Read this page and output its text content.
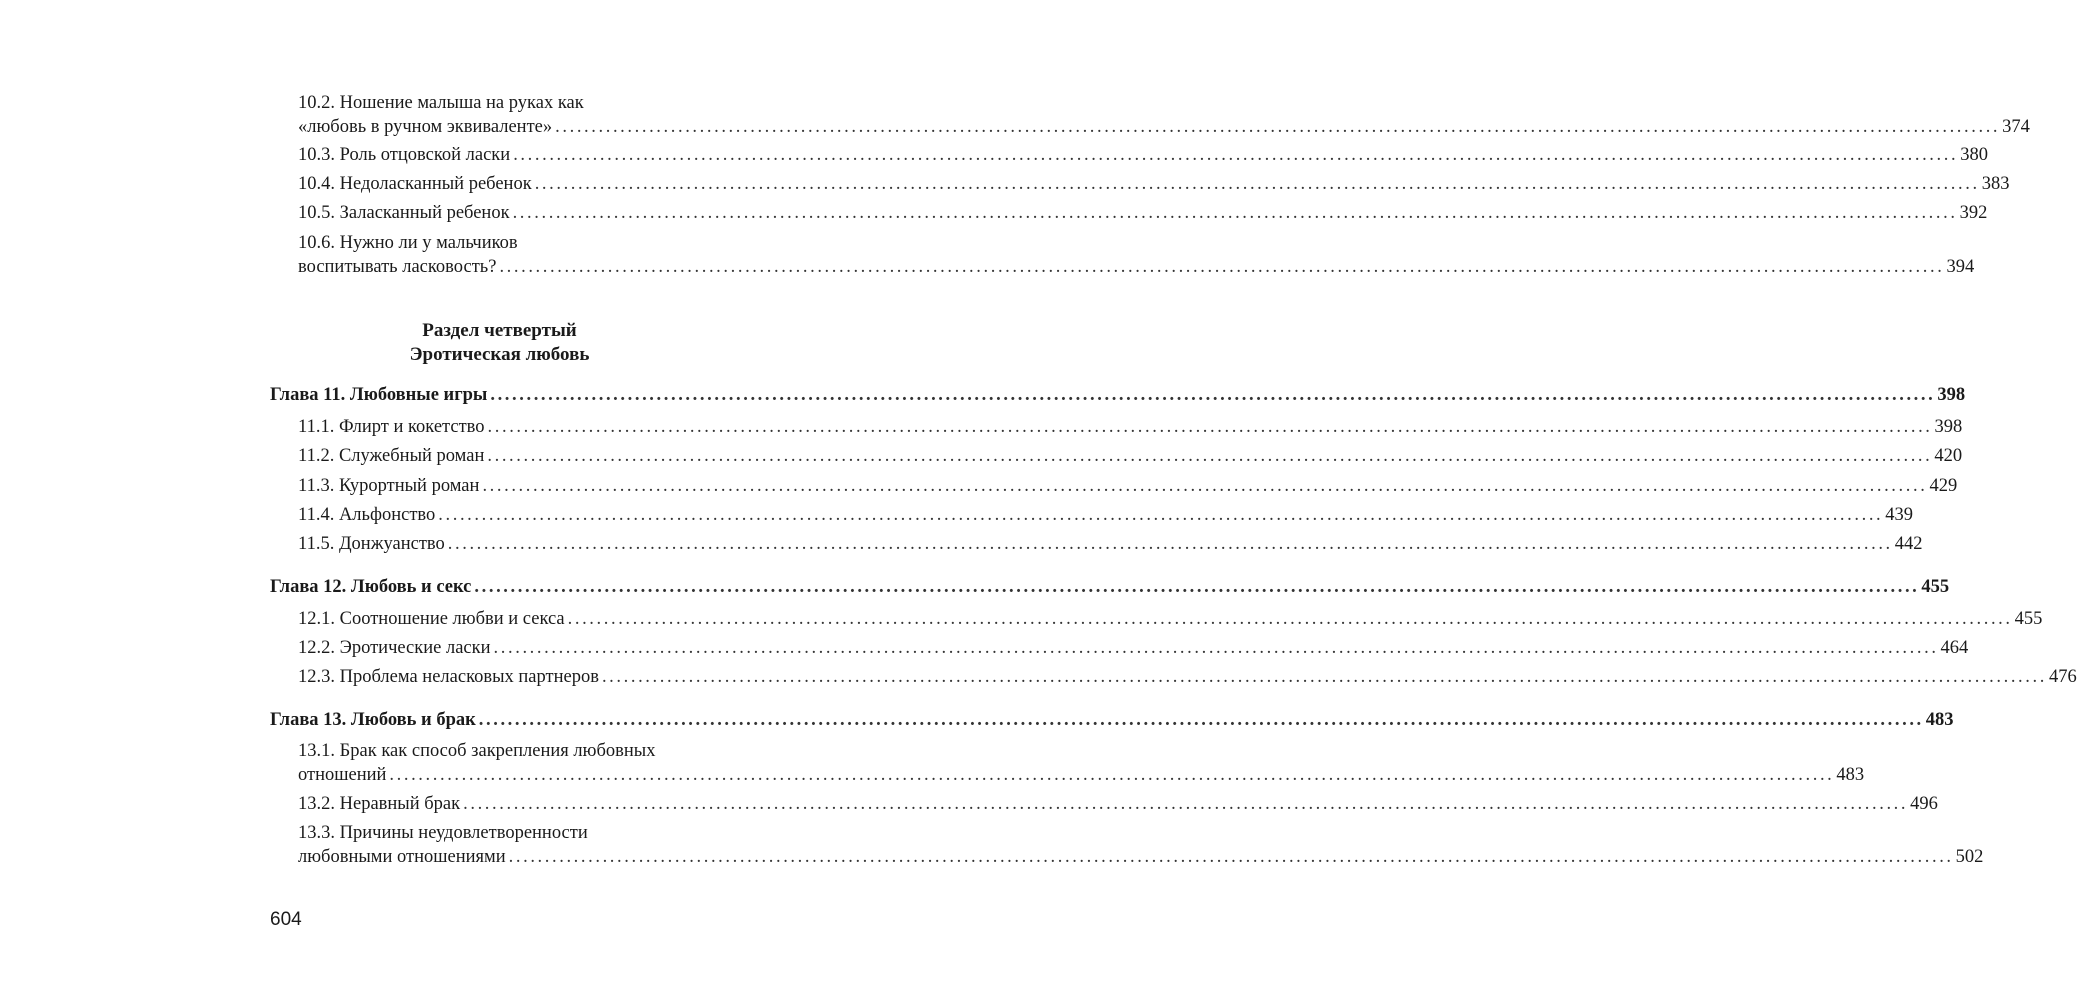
10.2. Ношение малыша на руках как
«любовь в ручном эквиваленте» ........................................................................................................................................................................................................ 374
10.3. Роль отцовской ласки ........................................................................................................................................................................................................ 380
10.4. Недоласканный ребенок ........................................................................................................................................................................................................ 383
10.5. Заласканный ребенок ........................................................................................................................................................................................................ 392
10.6. Нужно ли у мальчиков
воспитывать ласковость? ........................................................................................................................................................................................................ 394
Раздел четвертый
Эротическая любовь
Глава 11. Любовные игры ........................................................................................................................................................................................................ 398
11.1. Флирт и кокетство ........................................................................................................................................................................................................ 398
11.2. Служебный роман ........................................................................................................................................................................................................ 420
11.3. Курортный роман ........................................................................................................................................................................................................ 429
11.4. Альфонство ........................................................................................................................................................................................................ 439
11.5. Донжуанство ........................................................................................................................................................................................................ 442
Глава 12. Любовь и секс ........................................................................................................................................................................................................ 455
12.1. Соотношение любви и секса ........................................................................................................................................................................................................ 455
12.2. Эротические ласки ........................................................................................................................................................................................................ 464
12.3. Проблема неласковых партнеров ........................................................................................................................................................................................................ 476
Глава 13. Любовь и брак ........................................................................................................................................................................................................ 483
13.1. Брак как способ закрепления любовных
отношений ........................................................................................................................................................................................................ 483
13.2. Неравный брак ........................................................................................................................................................................................................ 496
13.3. Причины неудовлетворенности
любовными отношениями ........................................................................................................................................................................................................ 502
604
